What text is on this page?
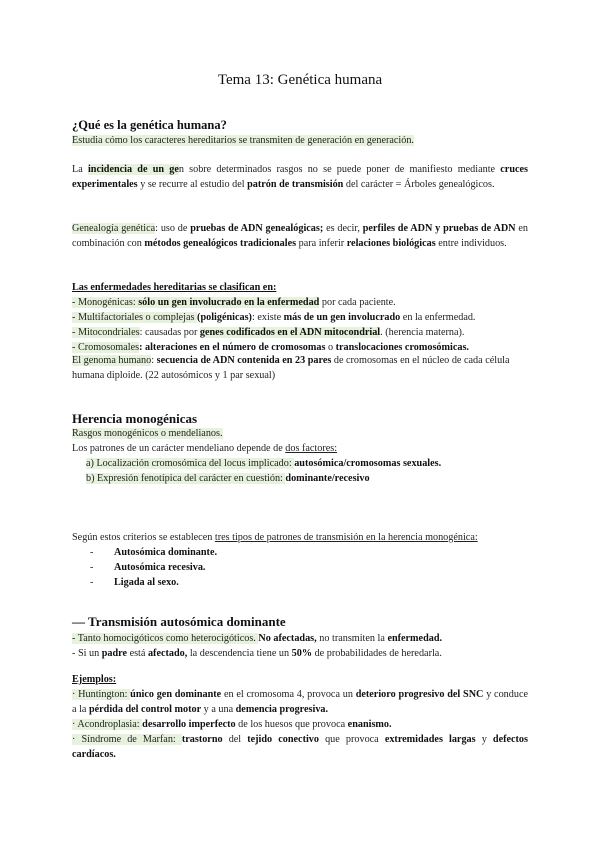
Tema 13: Genética humana

¿Qué es la genética humana?

Estudia cómo los caracteres hereditarios se transmiten de generación en generación.

La incidencia de un gen sobre determinados rasgos no se puede poner de manifiesto mediante cruces experimentales y se recurre al estudio del patrón de transmisión del carácter = Árboles genealógicos.
Genealogía genética: uso de pruebas de ADN genealógicas; es decir, perfiles de ADN y pruebas de ADN en combinación con métodos genealógicos tradicionales para inferir relaciones biológicas entre individuos.

Las enfermedades hereditarias se clasifican en:

- Monogénicas: sólo un gen involucrado en la enfermedad por cada paciente.

- Multifactoriales o complejas (poligénicas): existe más de un gen involucrado en la enfermedad.

- Mitocondriales: causadas por genes codificados en el ADN mitocondrial. (herencia materna).

- Cromosomales: alteraciones en el número de cromosomas o translocaciones cromosómicas.

El genoma humano: secuencia de ADN contenida en 23 pares de cromosomas en el núcleo de cada célula humana diploide. (22 autosómicos y 1 par sexual)

Herencia monogénicas

Rasgos monogénicos o mendelianos.

Los patrones de un carácter mendeliano depende de dos factores:

a) Localización cromosómica del locus implicado: autosómica/cromosomas sexuales.

b) Expresión fenotípica del carácter en cuestión: dominante/recesivo

Según estos criterios se establecen tres tipos de patrones de transmisión en la herencia monogénica:

- Autosómica dominante.

- Autosómica recesiva.

- Ligada al sexo.

— Transmisión autosómica dominante

- Tanto homocigóticos como heterocigóticos. No afectadas, no transmiten la enfermedad.

- Si un padre está afectado, la descendencia tiene un 50% de probabilidades de heredarla.

Ejemplos:

· Huntington: único gen dominante en el cromosoma 4, provoca un deterioro progresivo del SNC y conduce a la pérdida del control motor y a una demencia progresiva.

· Acondroplasia: desarrollo imperfecto de los huesos que provoca enanismo.

· Síndrome de Marfan: trastorno del tejido conectivo que provoca extremidades largas y defectos cardíacos.
